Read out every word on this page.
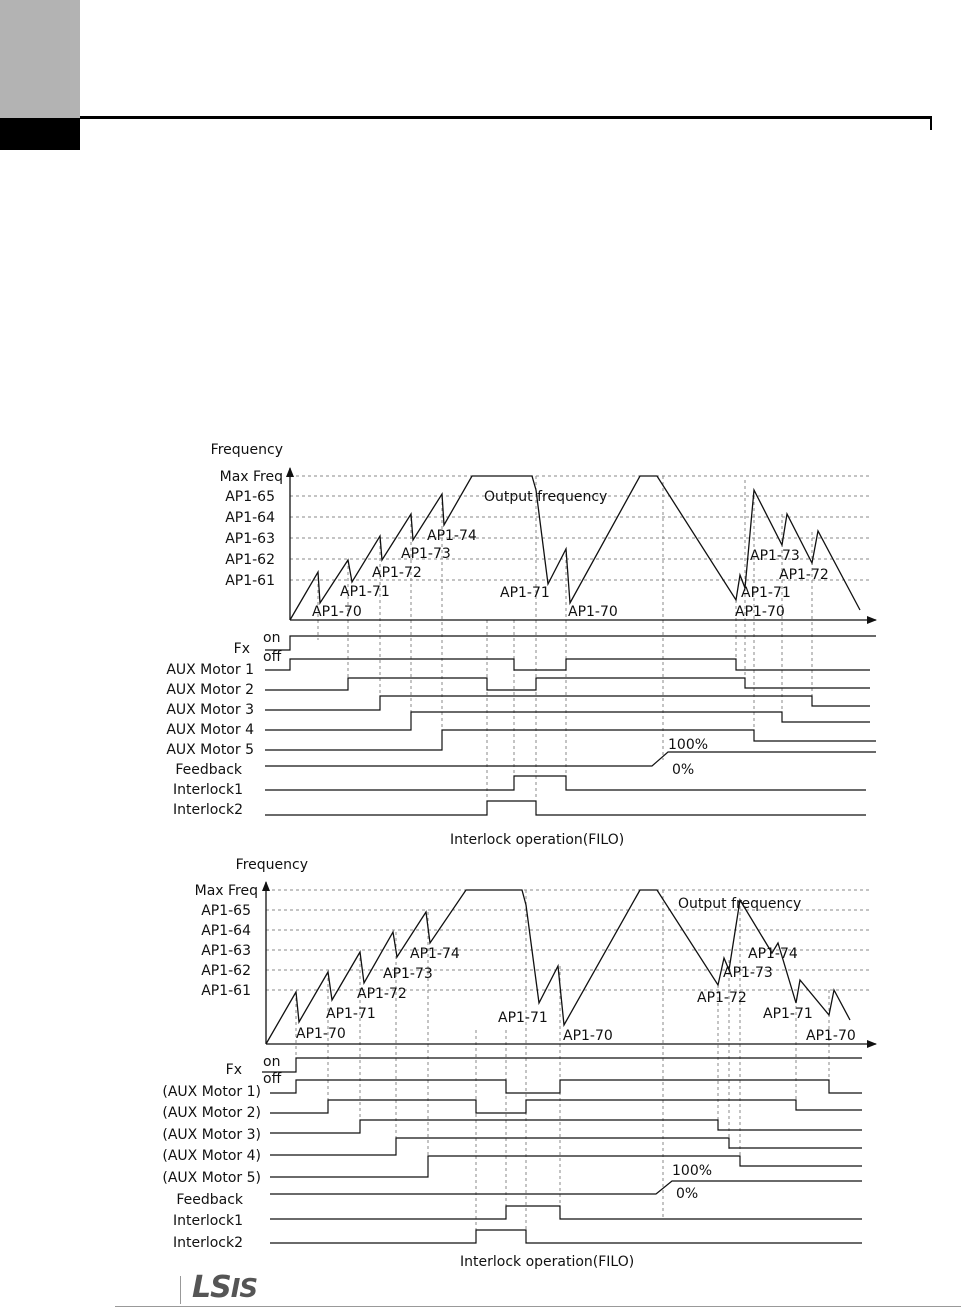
Frequency
Max Freq
AP1-65
AP1-64
AP1-63
AP1-62
AP1-61
Output frequency
AP1-70
AP1-71
AP1-72
AP1-73
AP1-74
AP1-71
AP1-70
AP1-73
AP1-71
AP1-72
AP1-70
Fx
on
off
AUX Motor 1
AUX Motor 2
AUX Motor 3
AUX Motor 4
AUX Motor 5
Feedback
Interlock1
Interlock2
100%
0%
Interlock operation(FILO)
Frequency
Max Freq
AP1-65
AP1-64
AP1-63
AP1-62
AP1-61
Output frequency
AP1-70
AP1-71
AP1-72
AP1-73
AP1-74
AP1-71
AP1-70
AP1-74
AP1-73
AP1-72
AP1-71
AP1-70
Fx on
off
(AUX Motor 1)
(AUX Motor 2)
(AUX Motor 3)
(AUX Motor 4)
(AUX Motor 5)
Feedback
Interlock1
Interlock2
100%
0%
Interlock operation(FILO)
LSIS
